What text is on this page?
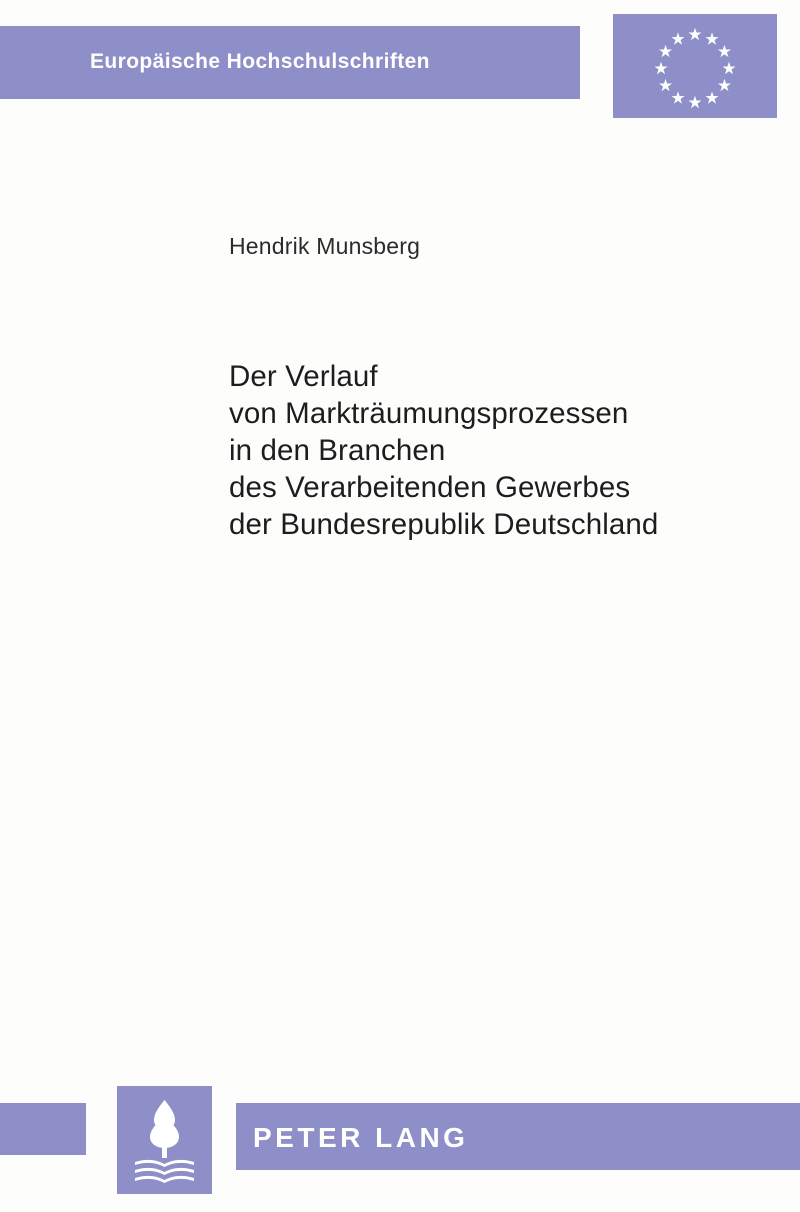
Europäische Hochschulschriften
Hendrik Munsberg
Der Verlauf
von Markträumungsprozessen
in den Branchen
des Verarbeitenden Gewerbes
der Bundesrepublik Deutschland
PETER LANG
